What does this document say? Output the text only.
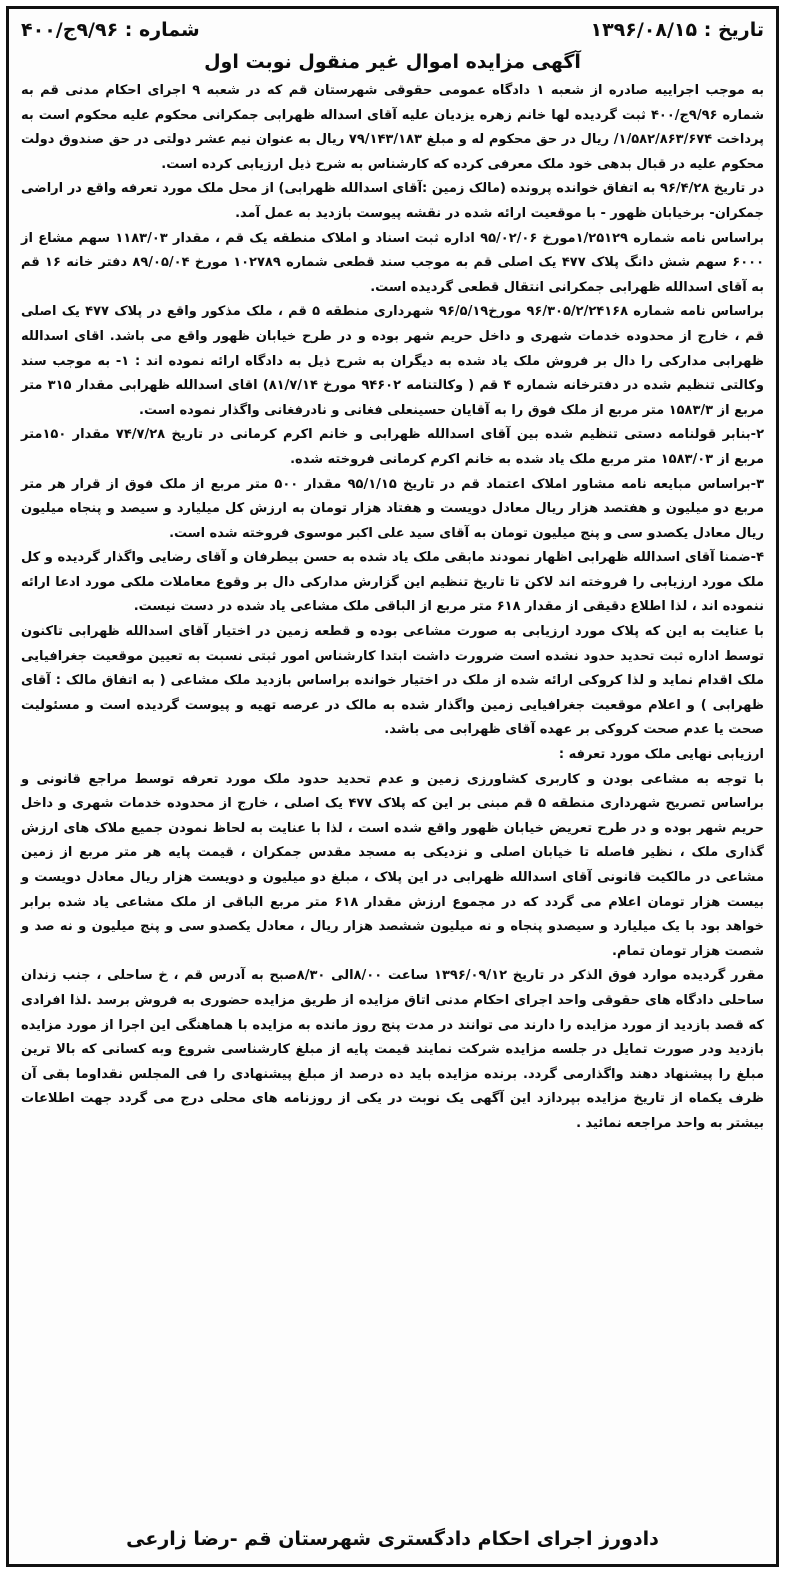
تاریخ : ۱۳۹۶/۰۸/۱۵
شماره : ۹/۹۶ج/۴۰۰
آگهی مزایده اموال غیر منقول نوبت اول

به موجب اجراییه صادره از شعبه ۱ دادگاه عمومی حقوقی شهرستان قم که در شعبه ۹ اجرای احکام مدنی قم به شماره ۹/۹۶ج/۴۰۰ ثبت گردیده لها خانم زهره یزدیان علیه آقای اسداله ظهرابی جمکرانی محکوم علیه محکوم است به پرداخت ۱/۵۸۲/۸۶۳/۶۷۴/ ریال در حق محکوم له و مبلغ ۷۹/۱۴۳/۱۸۳ ریال به عنوان نیم عشر دولتی در حق صندوق دولت محکوم علیه در قبال بدهی خود ملک معرفی کرده که کارشناس به شرح ذیل ارزیابی کرده است.

در تاریخ ۹۶/۴/۲۸ به اتفاق خوانده پرونده (مالک زمین :آقای اسدالله ظهرابی) از محل ملک مورد تعرفه واقع در اراضی جمکران- برخیابان ظهور - با موقعیت ارائه شده در نقشه پیوست بازدید به عمل آمد.

براساس نامه شماره ۱/۲۵۱۲۹مورخ ۹۵/۰۲/۰۶ اداره ثبت اسناد و املاک منطقه یک قم ، مقدار ۱۱۸۳/۰۳ سهم مشاع از ۶۰۰۰ سهم شش دانگ پلاک ۴۷۷ یک اصلی قم به موجب سند قطعی شماره ۱۰۲۷۸۹ مورخ ۸۹/۰۵/۰۴ دفتر خانه ۱۶ قم به آقای اسدالله ظهرابی جمکرانی انتقال قطعی گردیده است.

براساس نامه شماره ۹۶/۳۰۵/۲/۲۴۱۶۸ مورخ۹۶/۵/۱۹ شهرداری منطقه ۵ قم ، ملک مذکور واقع در پلاک ۴۷۷ یک اصلی قم ، خارج از محدوده خدمات شهری و داخل حریم شهر بوده و در طرح خیابان ظهور واقع می باشد. اقای اسدالله ظهرابی مدارکی را دال بر فروش ملک یاد شده به دیگران به شرح ذیل به دادگاه ارائه نموده اند : ۱- به موجب سند وکالتی تنظیم شده در دفترخانه شماره ۴ قم ( وکالتنامه ۹۴۶۰۲ مورخ ۸۱/۷/۱۴) اقای اسدالله ظهرابی مقدار ۳۱۵ متر مربع از ۱۵۸۳/۳ متر مربع از ملک فوق را به آقایان حسینعلی فغانی و نادرفغانی واگذار نموده است.

۲-بنابر قولنامه دستی تنظیم شده بین آقای اسدالله ظهرابی و خانم اکرم کرمانی در تاریخ ۷۴/۷/۲۸ مقدار ۱۵۰متر مربع از ۱۵۸۳/۰۳ متر مربع ملک یاد شده به خانم اکرم کرمانی فروخته شده.

۳-براساس مبایعه نامه مشاور املاک اعتماد قم در تاریخ ۹۵/۱/۱۵ مقدار ۵۰۰ متر مربع از ملک فوق از قرار هر متر مربع دو میلیون و هفتصد هزار ریال معادل دویست و هفتاد هزار تومان به ارزش کل میلیارد و سیصد و پنجاه میلیون ریال معادل یکصدو سی و پنج میلیون تومان به آقای سید علی اکبر موسوی فروخته شده است.

۴-ضمنا آقای اسدالله ظهرابی اظهار نمودند مابقی ملک یاد شده به حسن بیطرفان و آقای رضایی واگذار گردیده و کل ملک مورد ارزیابی را فروخته اند لاکن تا تاریخ تنظیم این گزارش مدارکی دال بر وقوع معاملات ملکی مورد ادعا ارائه ننموده اند ، لذا اطلاع دقیقی از مقدار ۶۱۸ متر مربع از الباقی ملک مشاعی یاد شده در دست نیست.

با عنایت به این که پلاک مورد ارزیابی به صورت مشاعی بوده و قطعه زمین در اختیار آقای اسدالله ظهرابی تاکنون توسط اداره ثبت تحدید حدود نشده است ضرورت داشت ابتدا کارشناس امور ثبتی نسبت به تعیین موقعیت جغرافیایی ملک اقدام نماید و لذا کروکی ارائه شده از ملک در اختیار خوانده براساس بازدید ملک مشاعی ( به اتفاق مالک : آقای ظهرابی ) و اعلام موقعیت جغرافیایی زمین واگذار شده به مالک در عرصه تهیه و پیوست گردیده است و مسئولیت صحت یا عدم صحت کروکی بر عهده آقای ظهرابی می باشد.

ارزیابی نهایی ملک مورد تعرفه :

با توجه به مشاعی بودن و کاربری کشاورزی زمین و عدم تحدید حدود ملک مورد تعرفه توسط مراجع قانونی و براساس تصریح شهرداری منطقه ۵ قم مبنی بر این که پلاک ۴۷۷ یک اصلی ، خارج از محدوده خدمات شهری و داخل حریم شهر بوده و در طرح تعریض خیابان ظهور واقع شده است ، لذا با عنایت به لحاظ نمودن جمیع ملاک های ارزش گذاری ملک ، نظیر فاصله تا خیابان اصلی و نزدیکی به مسجد مقدس جمکران ، قیمت پایه هر متر مربع از زمین مشاعی در مالکیت قانونی آقای اسدالله ظهرابی در این پلاک ، مبلغ دو میلیون و دویست هزار ریال معادل دویست و بیست هزار تومان اعلام می گردد که در مجموع ارزش مقدار ۶۱۸ متر مربع الباقی از ملک مشاعی یاد شده برابر خواهد بود با یک میلیارد و سیصدو پنجاه و نه میلیون ششصد هزار ریال ، معادل یکصدو سی و پنج میلیون و نه صد و شصت هزار تومان تمام.

مقرر گردیده موارد فوق الذکر در تاریخ ۱۳۹۶/۰۹/۱۲ ساعت ۸/۰۰الی ۸/۳۰صبح به آدرس قم ، خ ساحلی ، جنب زندان ساحلی دادگاه های حقوقی واحد اجرای احکام مدنی اتاق مزایده از طریق مزایده حضوری به فروش برسد .لذا افرادی که قصد بازدید از مورد مزایده را دارند می توانند در مدت پنج روز مانده به مزایده با هماهنگی این اجرا از مورد مزایده بازدید ودر صورت تمایل در جلسه مزایده شرکت نمایند قیمت پایه از مبلغ کارشناسی شروع وبه کسانی که بالا ترین مبلغ را پیشنهاد دهند واگذارمی گردد. برنده مزایده باید ده درصد از مبلغ پیشنهادی را فی المجلس نقداوما بقی آن ظرف یکماه از تاریخ مزایده بپردازد این آگهی یک نوبت در یکی از روزنامه های محلی درج می گردد جهت اطلاعات بیشتر به واحد مراجعه نمائید .

دادورز اجرای احکام دادگستری شهرستان قم -رضا زارعی
